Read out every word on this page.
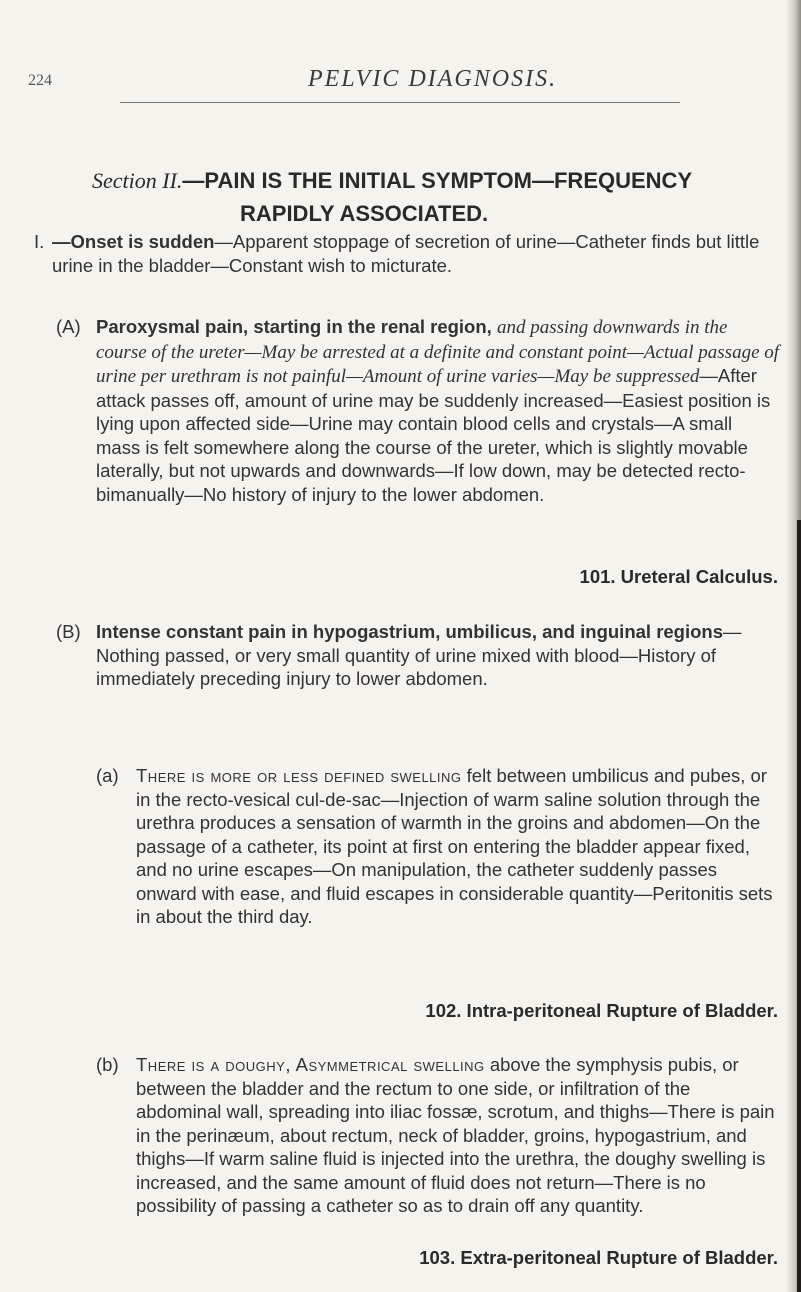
224	PELVIC DIAGNOSIS.
Section II.—PAIN IS THE INITIAL SYMPTOM—FREQUENCY
RAPIDLY ASSOCIATED.
I. —Onset is sudden—Apparent stoppage of secretion of urine—Catheter finds but little urine in the bladder—Constant wish to micturate.
(A) Paroxysmal pain, starting in the renal region, and passing downwards in the course of the ureter—May be arrested at a definite and constant point—Actual passage of urine per urethram is not painful—Amount of urine varies—May be suppressed—After attack passes off, amount of urine may be suddenly increased—Easiest position is lying upon affected side—Urine may contain blood cells and crystals—A small mass is felt somewhere along the course of the ureter, which is slightly movable laterally, but not upwards and downwards—If low down, may be detected recto-bimanually—No history of injury to the lower abdomen.
101. Ureteral Calculus.
(B) Intense constant pain in hypogastrium, umbilicus, and inguinal regions—Nothing passed, or very small quantity of urine mixed with blood—History of immediately preceding injury to lower abdomen.
(a) There is more or less defined swelling felt between umbilicus and pubes, or in the recto-vesical cul-de-sac—Injection of warm saline solution through the urethra produces a sensation of warmth in the groins and abdomen—On the passage of a catheter, its point at first on entering the bladder appear fixed, and no urine escapes—On manipulation, the catheter suddenly passes onward with ease, and fluid escapes in considerable quantity—Peritonitis sets in about the third day.
102. Intra-peritoneal Rupture of Bladder.
(b) There is a doughy, Asymmetrical swelling above the symphysis pubis, or between the bladder and the rectum to one side, or infiltration of the abdominal wall, spreading into iliac fossæ, scrotum, and thighs—There is pain in the perinæum, about rectum, neck of bladder, groins, hypogastrium, and thighs—If warm saline fluid is injected into the urethra, the doughy swelling is increased, and the same amount of fluid does not return—There is no possibility of passing a catheter so as to drain off any quantity.
103. Extra-peritoneal Rupture of Bladder.
